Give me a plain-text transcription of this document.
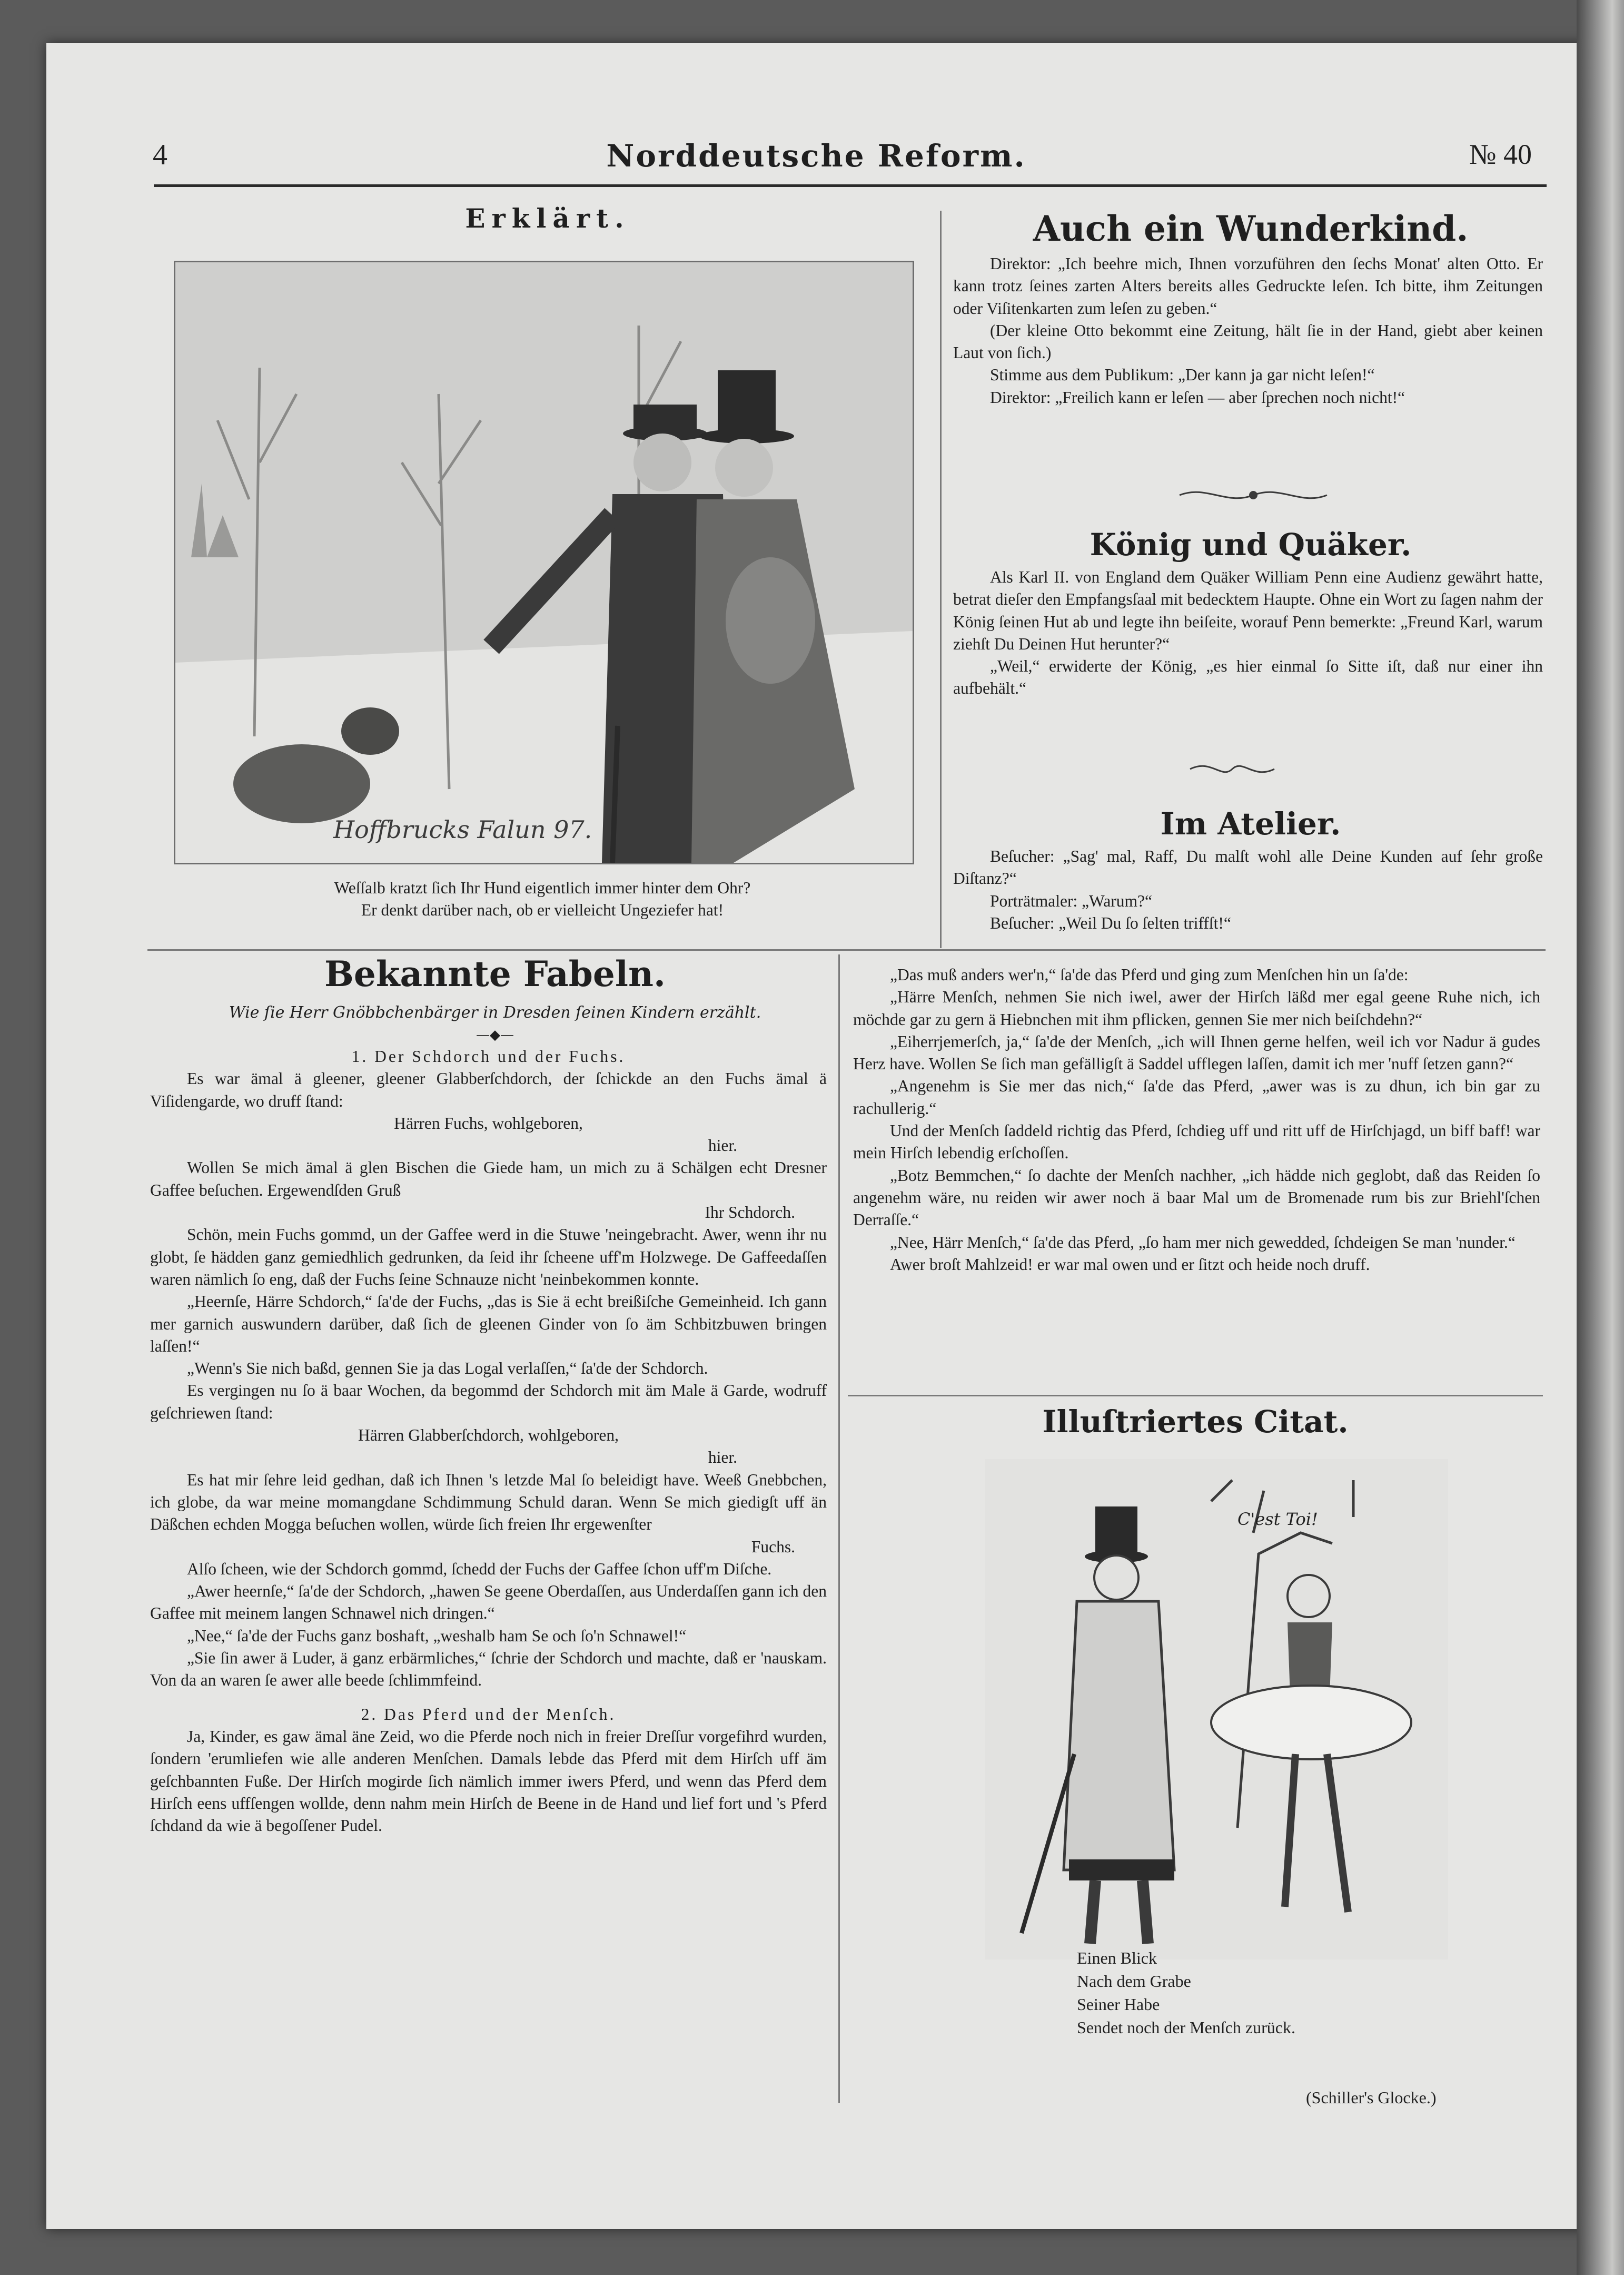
4	Norddeutsche Reform.	№ 40
Erklärt.
Hoffbrucks Falun 97.
Weſſalb kratzt ſich Ihr Hund eigentlich immer hinter dem Ohr?
Er denkt darüber nach, ob er vielleicht Ungeziefer hat!
Auch ein Wunderkind.

Direktor: „Ich beehre mich, Ihnen vorzuführen den ſechs Monat' alten Otto. Er kann trotz ſeines zarten Alters bereits alles Gedruckte leſen. Ich bitte, ihm Zeitungen oder Viſitenkarten zum leſen zu geben.“

(Der kleine Otto bekommt eine Zeitung, hält ſie in der Hand, giebt aber keinen Laut von ſich.)

Stimme aus dem Publikum: „Der kann ja gar nicht leſen!“

Direktor: „Freilich kann er leſen — aber ſprechen noch nicht!“

König und Quäker.

Als Karl II. von England dem Quäker William Penn eine Audienz gewährt hatte, betrat dieſer den Empfangsſaal mit bedecktem Haupte. Ohne ein Wort zu ſagen nahm der König ſeinen Hut ab und legte ihn beiſeite, worauf Penn bemerkte: „Freund Karl, warum ziehſt Du Deinen Hut herunter?“

„Weil,“ erwiderte der König, „es hier einmal ſo Sitte iſt, daß nur einer ihn aufbehält.“

Im Atelier.

Beſucher: „Sag' mal, Raff, Du malſt wohl alle Deine Kunden auf ſehr große Diſtanz?“

Porträtmaler: „Warum?“

Beſucher: „Weil Du ſo ſelten triffſt!“

Bekannte Fabeln.
Wie ſie Herr Gnöbbchenbärger in Dresden ſeinen Kindern erzählt.
—◆—

1. Der Schdorch und der Fuchs.

Es war ämal ä gleener, gleener Glabberſchdorch, der ſchickde an den Fuchs ämal ä Viſidengarde, wo druff ſtand:

Härren Fuchs, wohlgeboren,

hier.

Wollen Se mich ämal ä glen Bischen die Giede ham, un mich zu ä Schälgen echt Dresner Gaffee beſuchen. Ergewendſden Gruß

Ihr Schdorch.

Schön, mein Fuchs gommd, un der Gaffee werd in die Stuwe 'neingebracht. Awer, wenn ihr nu globt, ſe hädden ganz gemiedhlich gedrunken, da ſeid ihr ſcheene uff'm Holzwege. De Gaffeedaſſen waren nämlich ſo eng, daß der Fuchs ſeine Schnauze nicht 'neinbekommen konnte.

„Heernſe, Härre Schdorch,“ ſa'de der Fuchs, „das is Sie ä echt breißiſche Gemeinheid. Ich gann mer garnich auswundern darüber, daß ſich de gleenen Ginder von ſo äm Schbitzbuwen bringen laſſen!“

„Wenn's Sie nich baßd, gennen Sie ja das Logal verlaſſen,“ ſa'de der Schdorch.

Es vergingen nu ſo ä baar Wochen, da begommd der Schdorch mit äm Male ä Garde, wodruff geſchriewen ſtand:

Härren Glabberſchdorch, wohlgeboren,

hier.

Es hat mir ſehre leid gedhan, daß ich Ihnen 's letzde Mal ſo beleidigt have. Weeß Gnebbchen, ich globe, da war meine momangdane Schdimmung Schuld daran. Wenn Se mich giedigſt uff än Däßchen echden Mogga beſuchen wollen, würde ſich freien Ihr ergewenſter

Fuchs.

Alſo ſcheen, wie der Schdorch gommd, ſchedd der Fuchs der Gaffee ſchon uff'm Diſche.

„Awer heernſe,“ ſa'de der Schdorch, „hawen Se geene Oberdaſſen, aus Underdaſſen gann ich den Gaffee mit meinem langen Schnawel nich dringen.“

„Nee,“ ſa'de der Fuchs ganz boshaft, „weshalb ham Se och ſo'n Schnawel!“

„Sie ſin awer ä Luder, ä ganz erbärmliches,“ ſchrie der Schdorch und machte, daß er 'nauskam. Von da an waren ſe awer alle beede ſchlimmfeind.

2. Das Pferd und der Menſch.

Ja, Kinder, es gaw ämal äne Zeid, wo die Pferde noch nich in freier Dreſſur vorgefihrd wurden, ſondern 'erumliefen wie alle anderen Menſchen. Damals lebde das Pferd mit dem Hirſch uff äm geſchbannten Fuße. Der Hirſch mogirde ſich nämlich immer iwers Pferd, und wenn das Pferd dem Hirſch eens uffſengen wollde, denn nahm mein Hirſch de Beene in de Hand und lief fort und 's Pferd ſchdand da wie ä begoſſener Pudel.

„Das muß anders wer'n,“ ſa'de das Pferd und ging zum Menſchen hin un ſa'de:

„Härre Menſch, nehmen Sie nich iwel, awer der Hirſch läßd mer egal geene Ruhe nich, ich möchde gar zu gern ä Hiebnchen mit ihm pflicken, gennen Sie mer nich beiſchdehn?“

„Eiherrjemerſch, ja,“ ſa'de der Menſch, „ich will Ihnen gerne helfen, weil ich vor Nadur ä gudes Herz have. Wollen Se ſich man gefälligſt ä Saddel ufflegen laſſen, damit ich mer 'nuff ſetzen gann?“

„Angenehm is Sie mer das nich,“ ſa'de das Pferd, „awer was is zu dhun, ich bin gar zu rachullerig.“

Und der Menſch ſaddeld richtig das Pferd, ſchdieg uff und ritt uff de Hirſchjagd, un biff baff! war mein Hirſch lebendig erſchoſſen.

„Botz Bemmchen,“ ſo dachte der Menſch nachher, „ich hädde nich geglobt, daß das Reiden ſo angenehm wäre, nu reiden wir awer noch ä baar Mal um de Bromenade rum bis zur Briehl'ſchen Derraſſe.“

„Nee, Härr Menſch,“ ſa'de das Pferd, „ſo ham mer nich gewedded, ſchdeigen Se man 'nunder.“

Awer broſt Mahlzeid! er war mal owen und er ſitzt och heide noch druff.

Illuſtriertes Citat.
C'est Toi!
Einen Blick
Nach dem Grabe
Seiner Habe
Sendet noch der Menſch zurück.
(Schiller's Glocke.)
